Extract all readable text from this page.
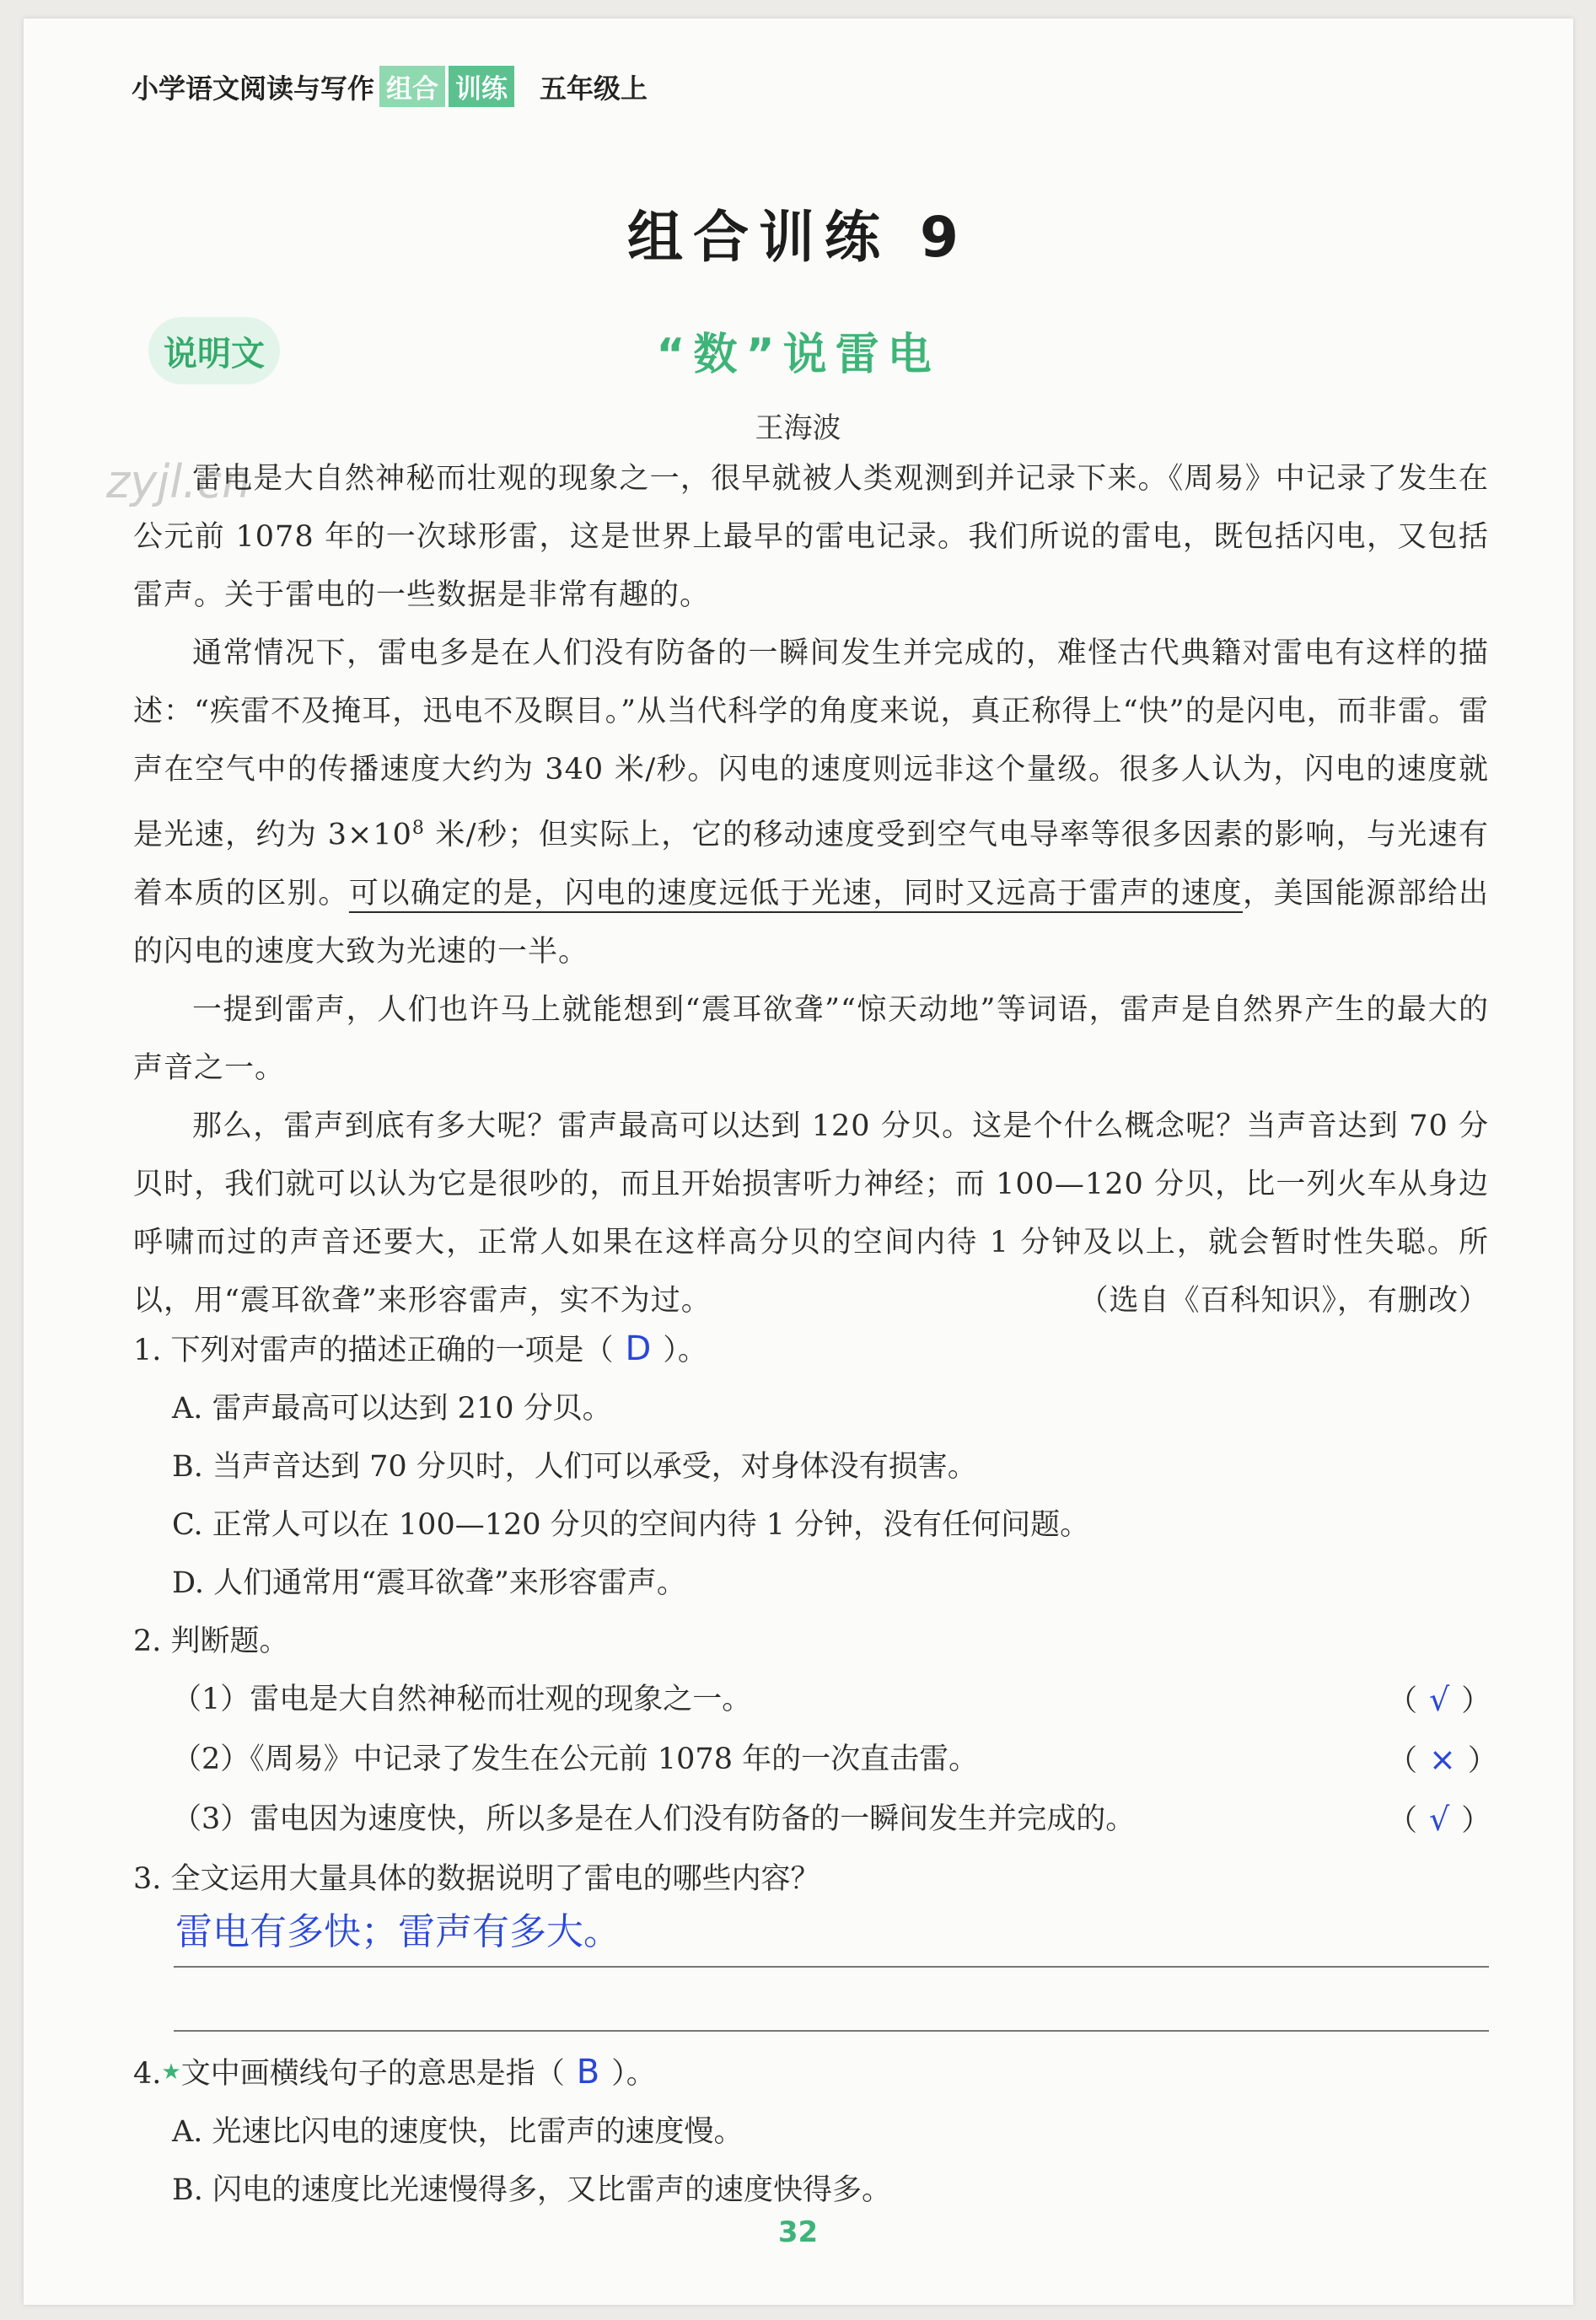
小学语文阅读与写作 组合 训练 五年级上
组合训练 9
说明文	“数”说雷电
王海波
zyjl.cn

雷电是大自然神秘而壮观的现象之一，很早就被人类观测到并记录下来。《周易》中记录了发生在公元前 1078 年的一次球形雷，这是世界上最早的雷电记录。我们所说的雷电，既包括闪电，又包括雷声。关于雷电的一些数据是非常有趣的。

通常情况下，雷电多是在人们没有防备的一瞬间发生并完成的，难怪古代典籍对雷电有这样的描述：“疾雷不及掩耳，迅电不及瞑目。”从当代科学的角度来说，真正称得上“快”的是闪电，而非雷。雷声在空气中的传播速度大约为 340 米/秒。闪电的速度则远非这个量级。很多人认为，闪电的速度就是光速，约为 $3\times 10^8$ 米/秒；但实际上，它的移动速度受到空气电导率等很多因素的影响，与光速有着本质的区别。可以确定的是，闪电的速度远低于光速，同时又远高于雷声的速度，美国能源部给出的闪电的速度大致为光速的一半。

一提到雷声，人们也许马上就能想到“震耳欲聋”“惊天动地”等词语，雷声是自然界产生的最大的声音之一。

那么，雷声到底有多大呢？雷声最高可以达到 120 分贝。这是个什么概念呢？当声音达到 70 分贝时，我们就可以认为它是很吵的，而且开始损害听力神经；而 100—120 分贝，比一列火车从身边呼啸而过的声音还要大，正常人如果在这样高分贝的空间内待 1 分钟及以上，就会暂时性失聪。所以，用“震耳欲聋”来形容雷声，实不为过。	（选自《百科知识》，有删改）

1. 下列对雷声的描述正确的一项是（ D ）。

A. 雷声最高可以达到 210 分贝。

B. 当声音达到 70 分贝时，人们可以承受，对身体没有损害。

C. 正常人可以在 100—120 分贝的空间内待 1 分钟，没有任何问题。

D. 人们通常用“震耳欲聋”来形容雷声。

2. 判断题。

（1）雷电是大自然神秘而壮观的现象之一。	（ √ ）

（2）《周易》中记录了发生在公元前 1078 年的一次直击雷。	（ × ）

（3）雷电因为速度快，所以多是在人们没有防备的一瞬间发生并完成的。	（ √ ）

3. 全文运用大量具体的数据说明了雷电的哪些内容？

雷电有多快；雷声有多大。

4.★文中画横线句子的意思是指（ B ）。

A. 光速比闪电的速度快，比雷声的速度慢。

B. 闪电的速度比光速慢得多，又比雷声的速度快得多。

32
